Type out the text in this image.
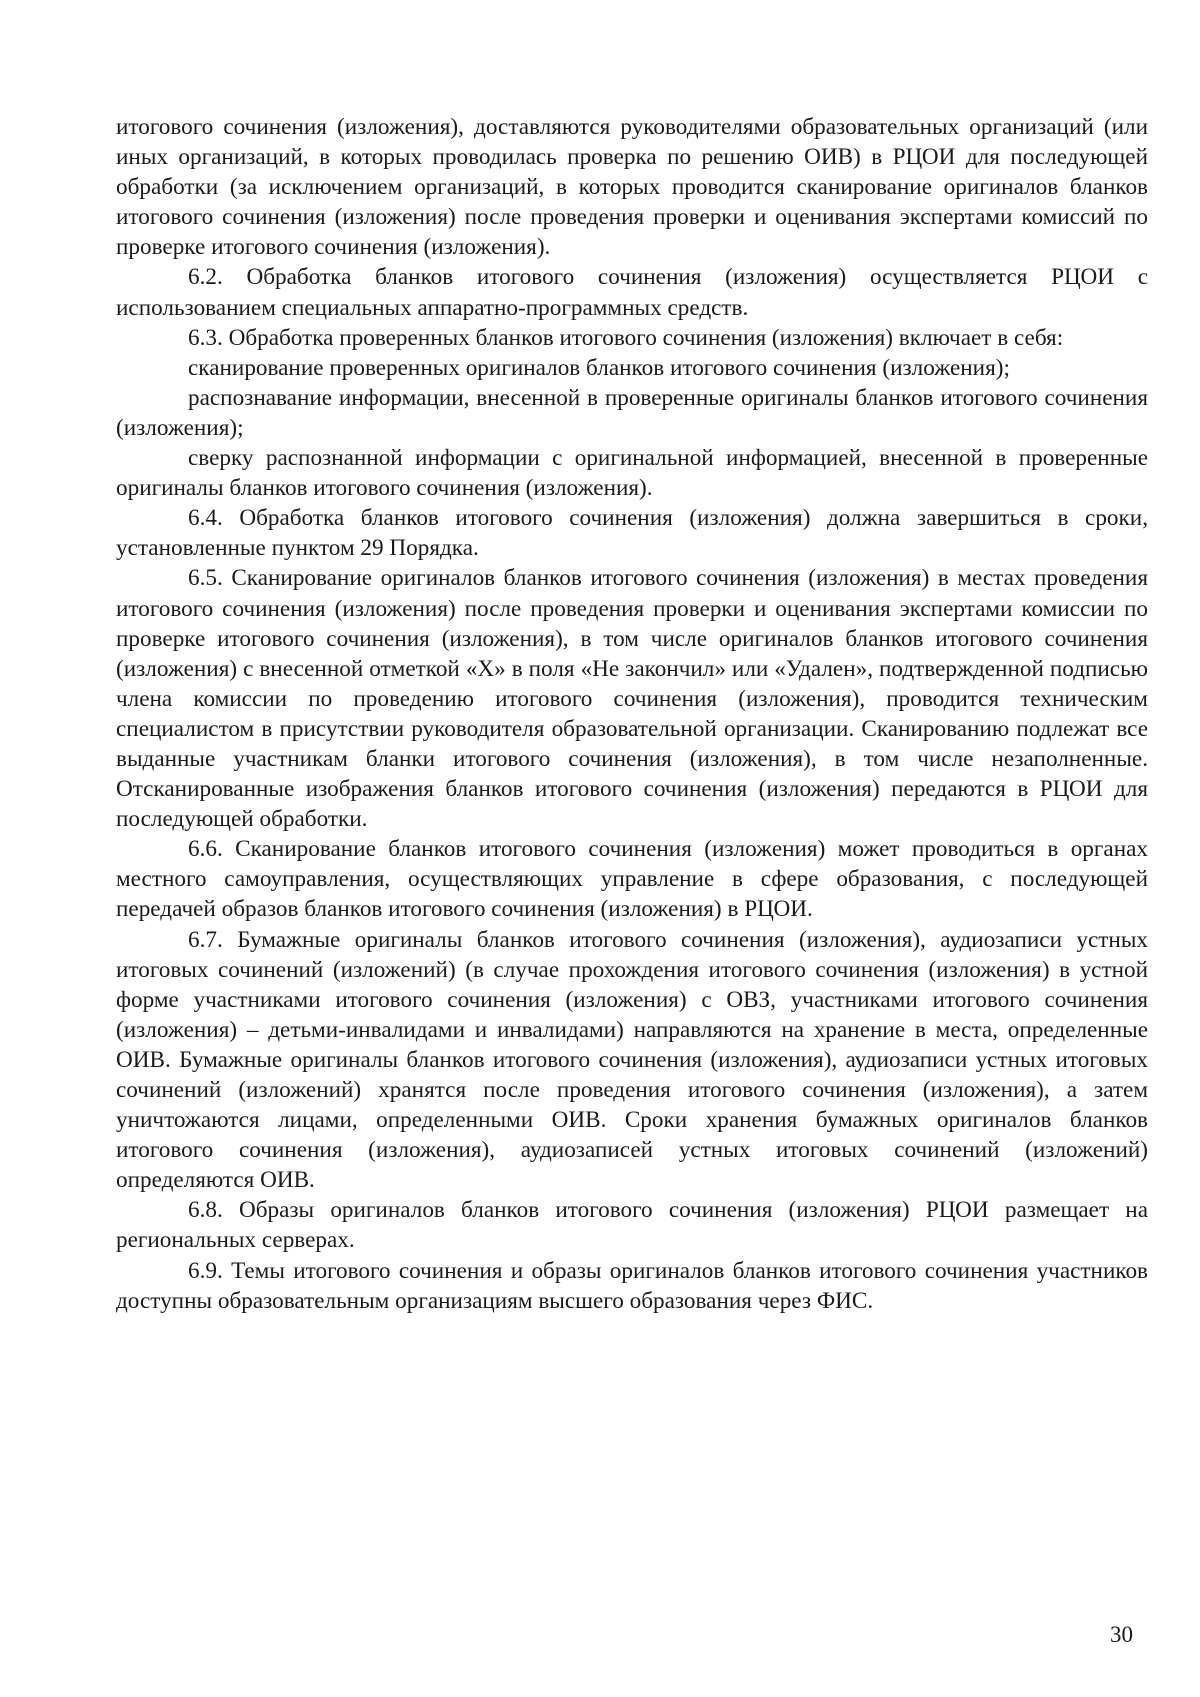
итогового сочинения (изложения), доставляются руководителями образовательных организаций (или иных организаций, в которых проводилась проверка по решению ОИВ) в РЦОИ для последующей обработки (за исключением организаций, в которых проводится сканирование оригиналов бланков итогового сочинения (изложения) после проведения проверки и оценивания экспертами комиссий по проверке итогового сочинения (изложения).

6.2. Обработка бланков итогового сочинения (изложения) осуществляется РЦОИ с использованием специальных аппаратно-программных средств.

6.3. Обработка проверенных бланков итогового сочинения (изложения) включает в себя:

сканирование проверенных оригиналов бланков итогового сочинения (изложения);

распознавание информации, внесенной в проверенные оригиналы бланков итогового сочинения (изложения);

сверку распознанной информации с оригинальной информацией, внесенной в проверенные оригиналы бланков итогового сочинения (изложения).

6.4. Обработка бланков итогового сочинения (изложения) должна завершиться в сроки, установленные пунктом 29 Порядка.

6.5. Сканирование оригиналов бланков итогового сочинения (изложения) в местах проведения итогового сочинения (изложения) после проведения проверки и оценивания экспертами комиссии по проверке итогового сочинения (изложения), в том числе оригиналов бланков итогового сочинения (изложения) с внесенной отметкой «Х» в поля «Не закончил» или «Удален», подтвержденной подписью члена комиссии по проведению итогового сочинения (изложения), проводится техническим специалистом в присутствии руководителя образовательной организации. Сканированию подлежат все выданные участникам бланки итогового сочинения (изложения), в том числе незаполненные. Отсканированные изображения бланков итогового сочинения (изложения) передаются в РЦОИ для последующей обработки.

6.6. Сканирование бланков итогового сочинения (изложения) может проводиться в органах местного самоуправления, осуществляющих управление в сфере образования, с последующей передачей образов бланков итогового сочинения (изложения) в РЦОИ.

6.7. Бумажные оригиналы бланков итогового сочинения (изложения), аудиозаписи устных итоговых сочинений (изложений) (в случае прохождения итогового сочинения (изложения) в устной форме участниками итогового сочинения (изложения) с ОВЗ, участниками итогового сочинения (изложения) – детьми-инвалидами и инвалидами) направляются на хранение в места, определенные ОИВ. Бумажные оригиналы бланков итогового сочинения (изложения), аудиозаписи устных итоговых сочинений (изложений) хранятся после проведения итогового сочинения (изложения), а затем уничтожаются лицами, определенными ОИВ. Сроки хранения бумажных оригиналов бланков итогового сочинения (изложения), аудиозаписей устных итоговых сочинений (изложений) определяются ОИВ.

6.8. Образы оригиналов бланков итогового сочинения (изложения) РЦОИ размещает на региональных серверах.

6.9. Темы итогового сочинения и образы оригиналов бланков итогового сочинения участников доступны образовательным организациям высшего образования через ФИС.

30
